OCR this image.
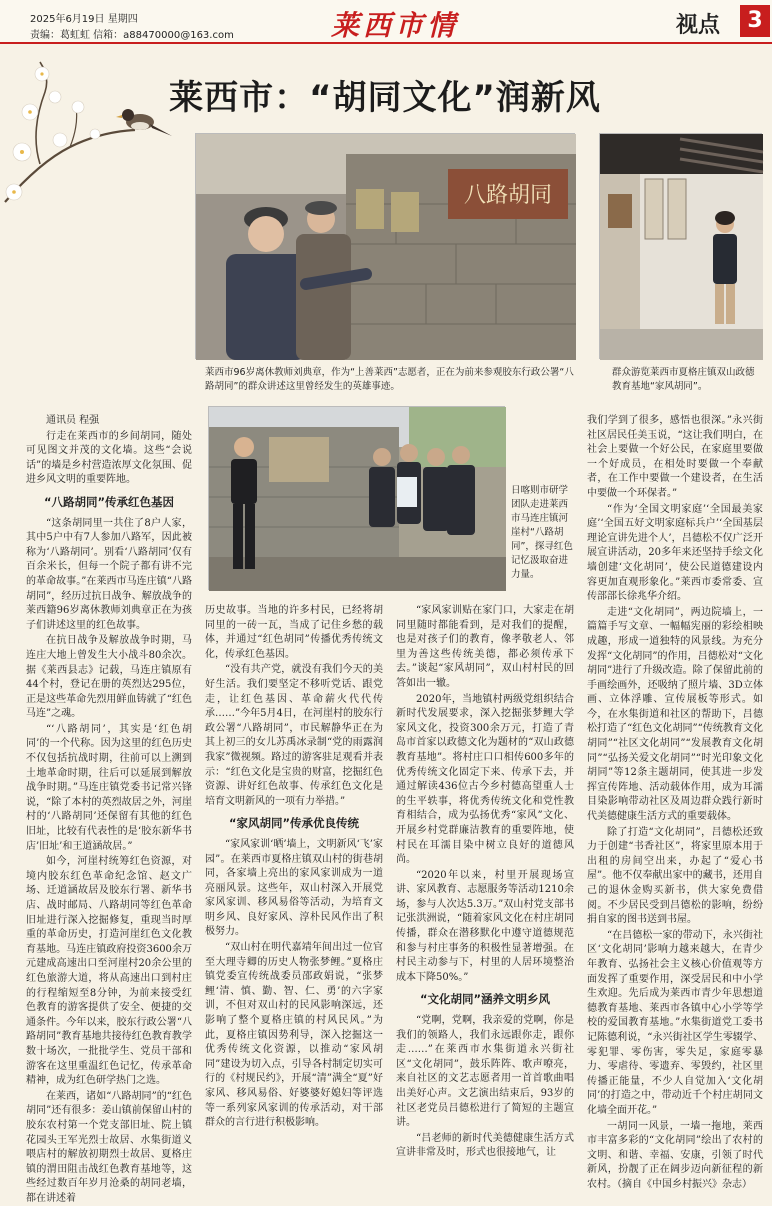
2025年6月19日 星期四
责编：葛虹虹 信箱：a88470000@163.com	莱西市情	视点	3
莱西市：“胡同文化”润新风
八路胡同
莱西市96岁离休教师刘典章，作为“上善莱西”志愿者，正在为前来参观胶东行政公署“八路胡同”的群众讲述这里曾经发生的英雄事迹。
群众游览莱西市夏格庄镇双山政德教育基地“家风胡同”。
日喀则市研学团队走进莱西市马连庄镇河崖村“八路胡同”，探寻红色记忆汲取奋进力量。

通讯员 程强

行走在莱西市的乡间胡同，随处可见图文并茂的文化墙。这些“会说话”的墙是乡村营造浓厚文化氛围、促进乡风文明的重要阵地。

“八路胡同”传承红色基因

“这条胡同里一共住了8户人家，其中5户中有7人参加八路军，因此被称为‘八路胡同’。别看‘八路胡同’仅有百余米长，但每一个院子都有讲不完的革命故事。”在莱西市马连庄镇“八路胡同”，经历过抗日战争、解放战争的莱西籍96岁离休教师刘典章正在为孩子们讲述这里的红色故事。

在抗日战争及解放战争时期，马连庄大地上曾发生大小战斗80余次。据《莱西县志》记载，马连庄镇原有44个村，登记在册的英烈达295位，正是这些革命先烈用鲜血铸就了“红色马连”之魂。

“‘八路胡同’，其实是‘红色胡同’的一个代称。因为这里的红色历史不仅包括抗战时期，往前可以上溯到土地革命时期，往后可以延展到解放战争时期。”马连庄镇党委书记常兴锋说，“除了本村的英烈故居之外，河崖村的‘八路胡同’还保留有其他的红色旧址，比较有代表性的是‘胶东新华书店’旧址’和王道涵故居。”

如今，河崖村统筹红色资源，对境内胶东红色革命纪念馆、赵文广场、迁道涵故居及胶东行署、新华书店、战时邮局、八路胡同等红色革命旧址进行深入挖掘修复，重现当时厚重的革命历史，打造河崖红色文化教育基地。马连庄镇政府投资3600余万元建成高速出口至河崖村20余公里的红色旅游大道，将从高速出口到村庄的行程缩短至8分钟，为前来接受红色教育的游客提供了安全、便捷的交通条件。今年以来，胶东行政公署“八路胡同”教育基地共接待红色教育教学数十场次，一批批学生、党员干部和游客在这里重温红色记忆，传承革命精神，成为红色研学热门之选。

在莱西，诸如“八路胡同”的“红色胡同”还有很多：姜山镇前保留山村的胶东农村第一个党支部旧址、院上镇花园头王军光烈士故居、水集街道义喂店村的解放初期烈士故居、夏格庄镇的渭田阻击战红色教育基地等，这些经过数百年岁月沧桑的胡同老墙，都在讲述着

历史故事。当地的许多村民，已经将胡同里的一砖一瓦，当成了记住乡愁的载体，并通过“红色胡同”传播优秀传统文化，传承红色基因。

“没有共产党，就没有我们今天的美好生活。我们要坚定不移听党话、跟党走，让红色基因、革命薪火代代传承……”今年5月4日，在河崖村的胶东行政公署“八路胡同”，市民解静华正在为其上初三的女儿苏禹冰录制“党的雨露润我家”微视频。路过的游客驻足观看并表示：“红色文化是宝贵的财富，挖掘红色资源、讲好红色故事、传承红色文化是培育文明新风的一项有力举措。”

“家风胡同”传承优良传统

“家风家训‘晒’墙上，文明新风‘飞’家园”。在莱西市夏格庄镇双山村的街巷胡同，各家墙上亮出的家风家训成为一道亮丽风景。这些年，双山村深入开展党家风家训、移风易俗等活动，为培育文明乡风、良好家风、淳朴民风作出了积极努力。

“双山村在明代嘉靖年间出过一位官至大理寺卿的历史人物张梦鲤。”夏格庄镇党委宣传统战委员邵政娟说，“张梦鲤‘清、慎、勤、智、仁、勇’的六字家训，不但对双山村的民风影响深远，还影响了整个夏格庄镇的村风民风。”为此，夏格庄镇因势利导，深入挖掘这一优秀传统文化资源，以推动“家风胡同”建设为切入点，引导各村制定切实可行的《村规民约》，开展“清”满全“夏”好家风、移风易俗、好婆婆好媳妇等评选等一系列家风家训的传承活动，对干部群众的言行进行积极影响。

“家风家训贴在家门口，大家走在胡同里随时都能看到，是对我们的提醒，也是对孩子们的教育，像孝敬老人、邻里为善这些传统美德，都必须传承下去。”谈起“家风胡同”，双山村村民的回答如出一辙。

2020年，当地镇村两级党组织结合新时代发展要求，深入挖掘张梦鲤大学家风文化，投资300余万元，打造了青岛市首家以政德文化为题材的“双山政德教育基地”。将村庄口口相传600多年的优秀传统文化固定下来、传承下去，并通过解读436位古今乡村德高望重人士的生平轶事，将优秀传统文化和党性教育相结合，成为弘扬优秀“家风”文化、开展乡村党群廉洁教育的重要阵地，使村民在耳濡目染中树立良好的道德风尚。

“2020年以来，村里开展现场宣讲、家风教育、志愿服务等活动1210余场，参与人次达5.3万。”双山村党支部书记张洪洲说，“随着家风文化在村庄胡同传播，群众在潜移默化中遵守道德规范和参与村庄事务的积极性显著增强。在村民主动参与下，村里的人居环境整治成本下降50%。”

“文化胡同”涵养文明乡风

“党啊，党啊，我亲爱的党啊，你是我们的领路人，我们永远跟你走，跟你走……”在莱西市水集街道永兴街社区“文化胡同”，鼓乐阵阵、歌声嘹亮，来自社区的文艺志愿者用一首首歌曲唱出美好心声。文艺演出结束后，93岁的社区老党员吕德松进行了简短的主题宣讲。

“吕老师的新时代美德健康生活方式宣讲非常及时，形式也很接地气，让

我们学到了很多，感悟也很深。”永兴街社区居民任美玉说，“这让我们明白，在社会上要做一个好公民，在家庭里要做一个好成员，在相处时要做一个奉献者，在工作中要做一个建设者，在生活中要做一个环保者。”

“作为‘全国文明家庭’‘全国最美家庭’‘全国五好文明家庭标兵户’‘全国基层理论宣讲先进个人’，吕德松不仅广泛开展宣讲活动，20多年来还坚持手绘文化墙创建‘文化胡同’，使公民道德建设内容更加直观形象化。”莱西市委常委、宣传部部长徐兆华介绍。

走进“文化胡同”，两边院墙上，一篇篇手写文章、一幅幅宪丽的彩绘相映成趣，形成一道独特的风景线。为充分发挥“文化胡同”的作用，吕德松对“文化胡同”进行了升级改造。除了保留此前的手画绘画外，还吸纳了照片墙、3D立体画、立体浮雕、宣传展板等形式。如今，在水集街道和社区的帮助下，吕德松打造了“红色文化胡同”“传统教育文化胡同”“社区文化胡同”“发展教育文化胡同”“弘扬关爱文化胡同”“时光印象文化胡同”等12条主题胡同，使其进一步发挥宣传阵地、活动载体作用，成为耳濡目染影响带动社区及周边群众践行新时代美德健康生活方式的重要载体。

除了打造“文化胡同”，吕德松还致力于创建“书香社区”，将家里原本用于出租的房间空出来，办起了“爱心书屋”。他不仅奉献出家中的藏书，还用自己的退休金购买新书，供大家免费借阅。不少居民受到吕德松的影响，纷纷捐自家的图书送到书屋。

“在吕德松一家的带动下，永兴街社区‘文化胡同’影响力越来越大，在青少年教育、弘扬社会主义核心价值观等方面发挥了重要作用，深受居民和中小学生欢迎。先后成为莱西市青少年思想道德教育基地、莱西市各镇中心小学等学校的爱国教育基地。”水集街道党工委书记陈德利说，“永兴街社区学生零辍学、零犯罪、零伤害，零失足，家庭零暴力、零虐待、零遗弃、零毁约，社区里传播正能量，不少人自觉加入‘文化胡同’的打造之中，带动近千个村庄胡同文化墙全面开花。”

一胡同一风景，一墙一拖地，莱西市丰富多彩的“文化胡同”绘出了农村的文明、和谐、幸福、安康，引领了时代新风，扮靓了正在阔步迈向新征程的新农村。（摘自《中国乡村振兴》杂志）
